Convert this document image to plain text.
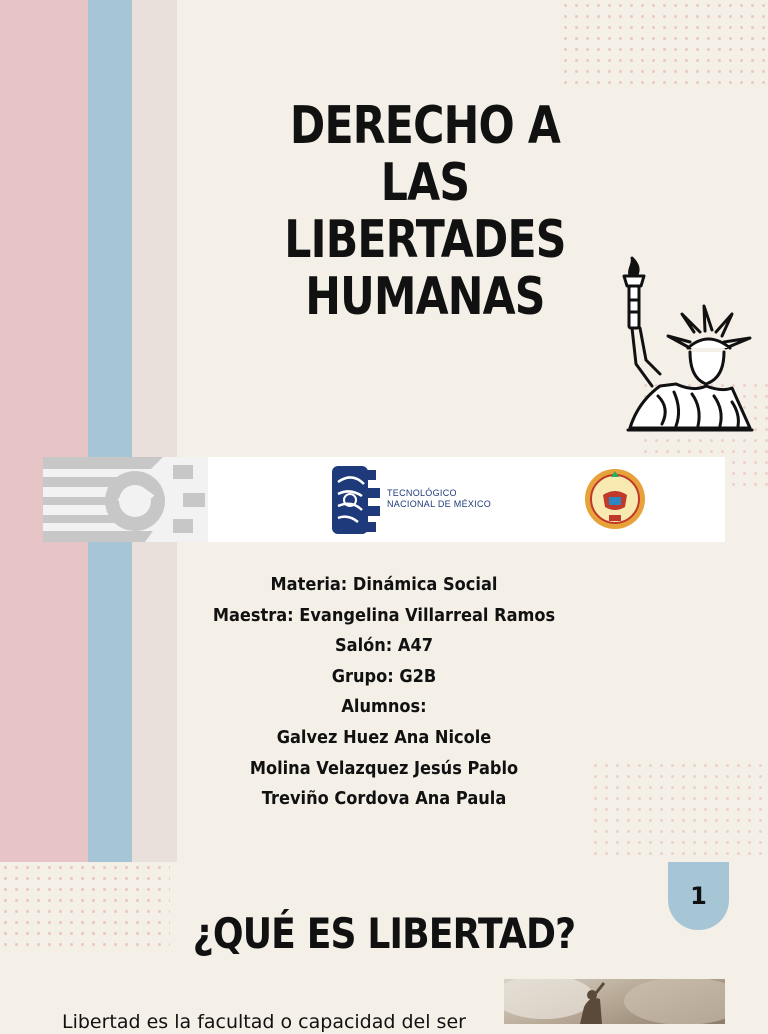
DERECHO A LAS LIBERTADES HUMANAS
TECNOLÓGICO
NACIONAL DE MÉXICO
Materia: Dinámica Social
Maestra: Evangelina Villarreal Ramos
Salón: A47
Grupo: G2B
Alumnos:
Galvez Huez Ana Nicole
Molina Velazquez Jesús Pablo
Treviño Cordova Ana Paula
1
¿QUÉ ES LIBERTAD?
Libertad es la facultad o capacidad del ser
